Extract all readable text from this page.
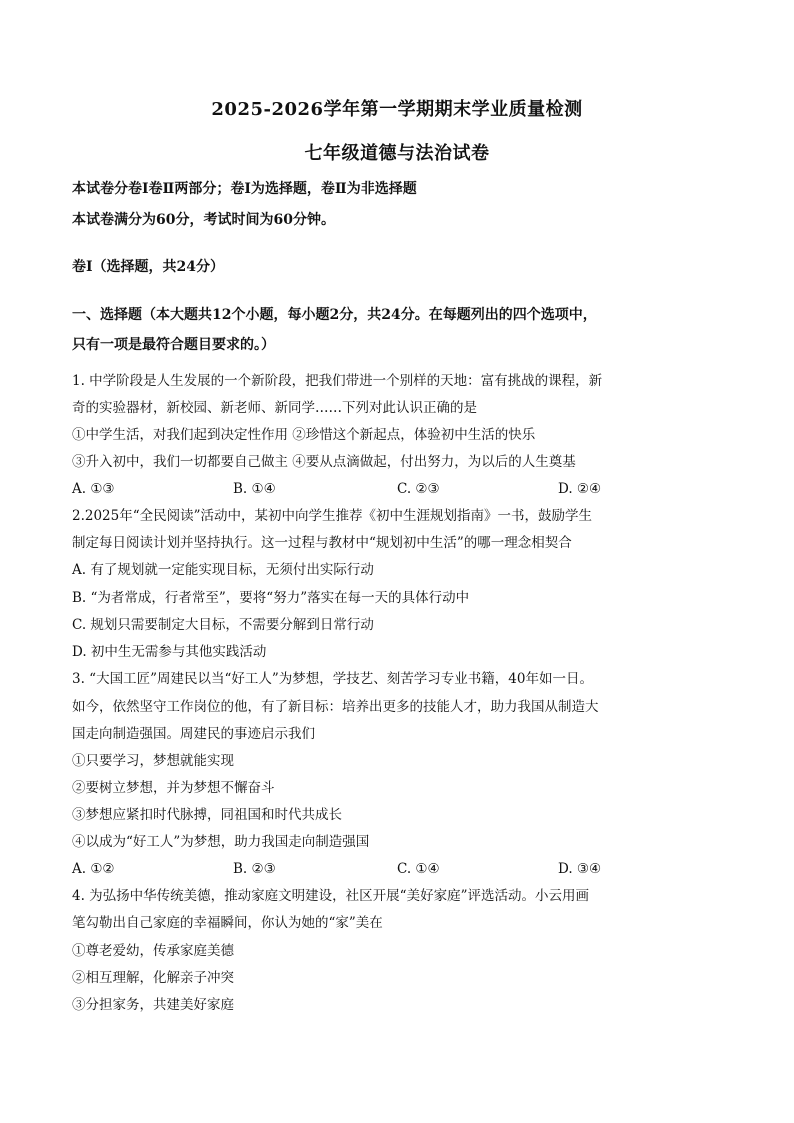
2025-2026学年第一学期期末学业质量检测
七年级道德与法治试卷
本试卷分卷Ⅰ卷Ⅱ两部分；卷Ⅰ为选择题，卷Ⅱ为非选择题
本试卷满分为60分，考试时间为60分钟。
卷Ⅰ（选择题，共24分）
一、选择题（本大题共12个小题，每小题2分，共24分。在每题列出的四个选项中，
只有一项是最符合题目要求的。）
1. 中学阶段是人生发展的一个新阶段，把我们带进一个别样的天地：富有挑战的课程，新
奇的实验器材，新校园、新老师、新同学……下列对此认识正确的是
①中学生活，对我们起到决定性作用 ②珍惜这个新起点，体验初中生活的快乐
③升入初中，我们一切都要自己做主 ④要从点滴做起，付出努力，为以后的人生奠基
A. ①③	B. ①④	C. ②③	D. ②④
2.2025年“全民阅读”活动中，某初中向学生推荐《初中生涯规划指南》一书，鼓励学生
制定每日阅读计划并坚持执行。这一过程与教材中“规划初中生活”的哪一理念相契合
A. 有了规划就一定能实现目标，无须付出实际行动
B. “为者常成，行者常至”，要将“努力”落实在每一天的具体行动中
C. 规划只需要制定大目标，不需要分解到日常行动
D. 初中生无需参与其他实践活动
3. “大国工匠”周建民以当“好工人”为梦想，学技艺、刻苦学习专业书籍，40年如一日。
如今，依然坚守工作岗位的他，有了新目标：培养出更多的技能人才，助力我国从制造大
国走向制造强国。周建民的事迹启示我们
①只要学习，梦想就能实现
②要树立梦想，并为梦想不懈奋斗
③梦想应紧扣时代脉搏，同祖国和时代共成长
④以成为“好工人”为梦想，助力我国走向制造强国
A. ①②	B. ②③	C. ①④	D. ③④
4. 为弘扬中华传统美德，推动家庭文明建设，社区开展“美好家庭”评选活动。小云用画
笔勾勒出自己家庭的幸福瞬间，你认为她的“家”美在
①尊老爱幼，传承家庭美德
②相互理解，化解亲子冲突
③分担家务，共建美好家庭
